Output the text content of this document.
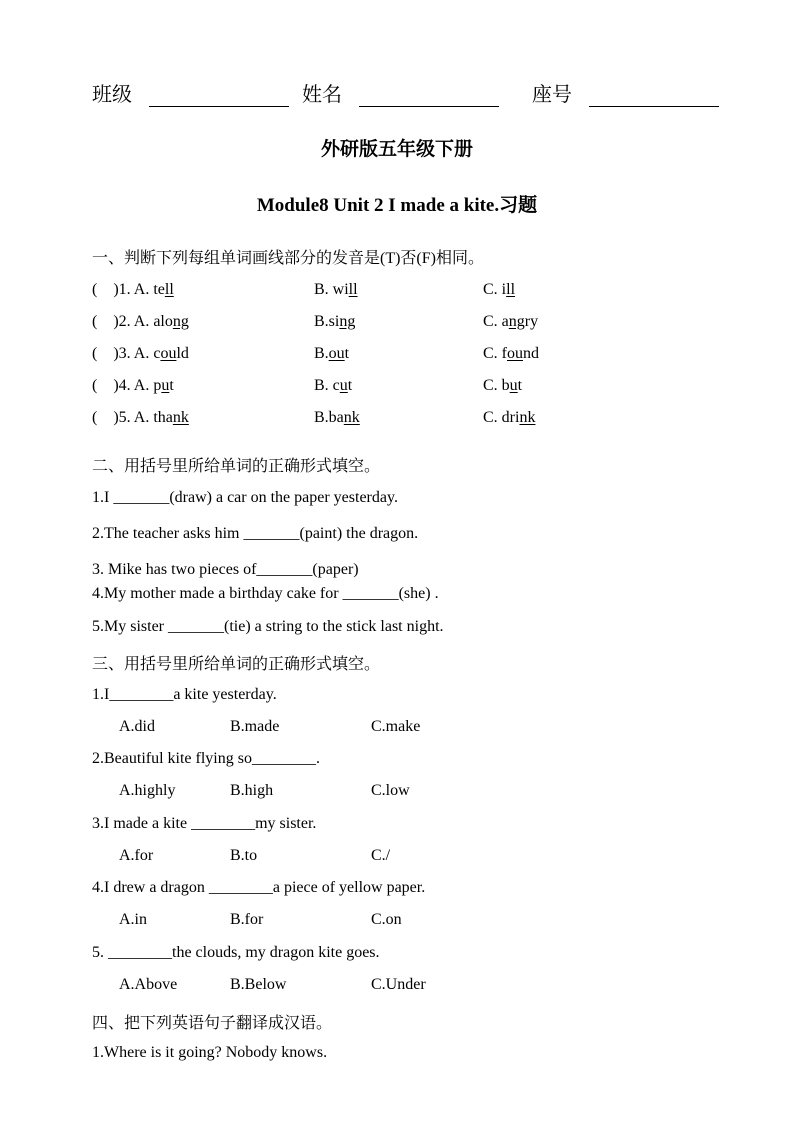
班级	姓名	座号
外研版五年级下册
Module8 Unit 2 I made a kite.习题
一、判断下列每组单词画线部分的发音是(T)否(F)相同。
(    )1. A. tell	B. will	C. ill
(    )2. A. along	B.sing	C. angry
(    )3. A. could	B.out	C. found
(    )4. A. put	B. cut	C. but
(    )5. A. thank	B.bank	C. drink
二、用括号里所给单词的正确形式填空。
1.I _______(draw) a car on the paper yesterday.
2.The teacher asks him _______(paint) the dragon.
3. Mike has two pieces of_______(paper)
4.My mother made a birthday cake for _______(she) .
5.My sister _______(tie) a string to the stick last night.
三、用括号里所给单词的正确形式填空。
1.I________a kite yesterday.
A.did	B.made	C.make
2.Beautiful kite flying so________.
A.highly	B.high	C.low
3.I made a kite ________my sister.
A.for	B.to	C./
4.I drew a dragon ________a piece of yellow paper.
A.in	B.for	C.on
5. ________the clouds, my dragon kite goes.
A.Above	B.Below	C.Under
四、把下列英语句子翻译成汉语。
1.Where is it going? Nobody knows.
